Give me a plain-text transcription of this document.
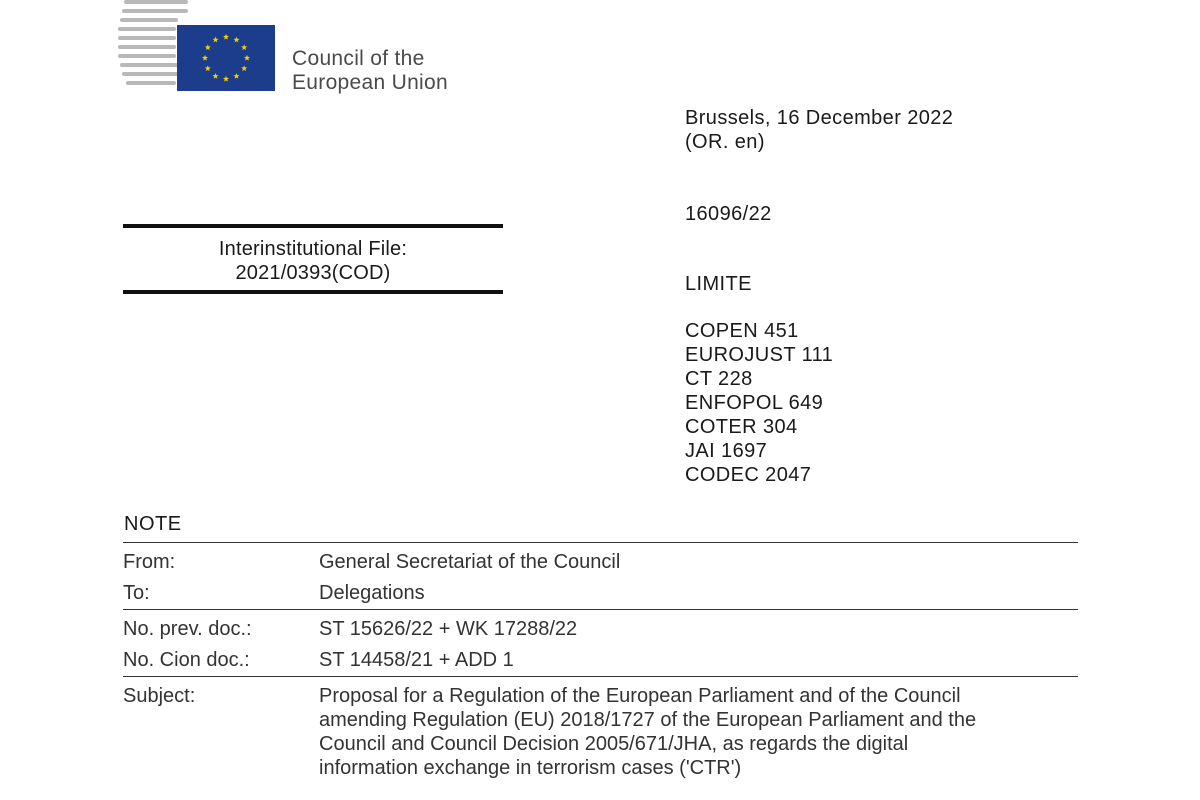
Council of the
European Union
Brussels, 16 December 2022
(OR. en)
16096/22
LIMITE
COPEN 451
EUROJUST 111
CT 228
ENFOPOL 649
COTER 304
JAI 1697
CODEC 2047
Interinstitutional File:
2021/0393(COD)
NOTE
From:	General Secretariat of the Council
To:	Delegations
No. prev. doc.:	ST 15626/22 + WK 17288/22
No. Cion doc.:	ST 14458/21 + ADD 1
Subject:	Proposal for a Regulation of the European Parliament and of the Council
amending Regulation (EU) 2018/1727 of the European Parliament and the
Council and Council Decision 2005/671/JHA, as regards the digital
information exchange in terrorism cases ('CTR')
